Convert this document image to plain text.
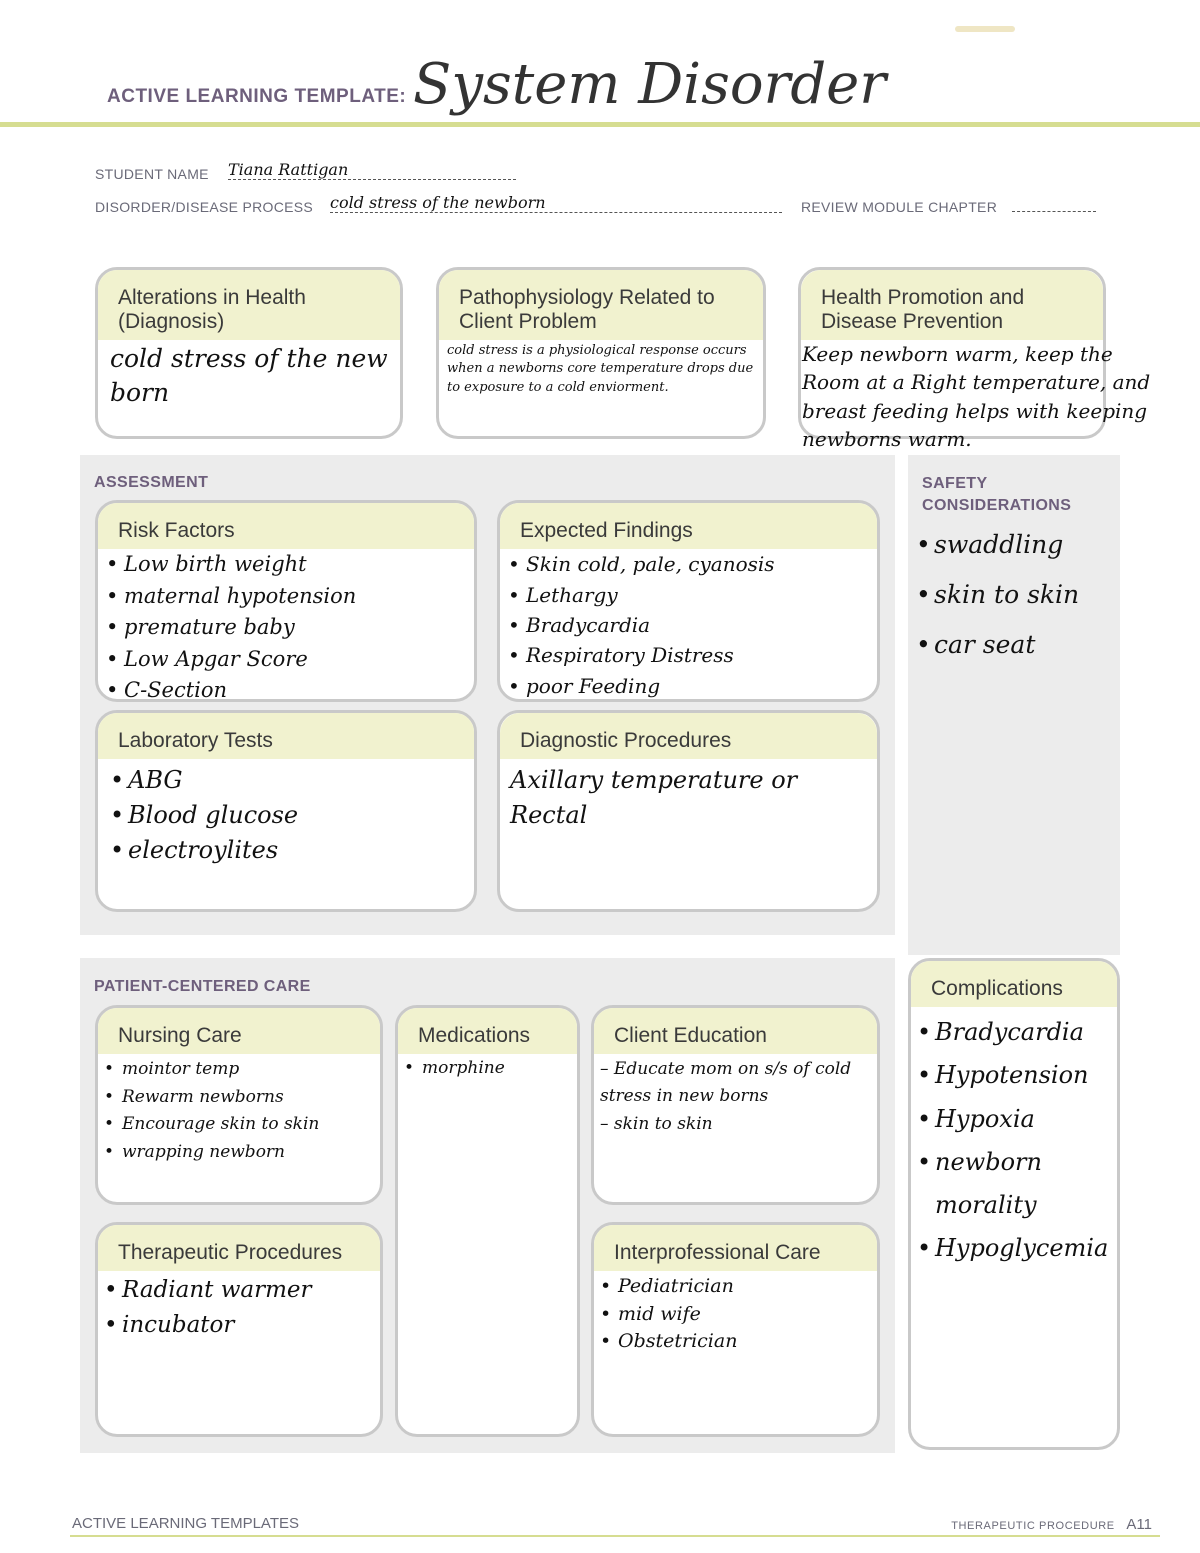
ACTIVE LEARNING TEMPLATE: System Disorder
STUDENT NAME Tiana Rattigan
DISORDER/DISEASE PROCESS cold stress of the newborn	REVIEW MODULE CHAPTER
Alterations in Health (Diagnosis)
cold stress of the new born
Pathophysiology Related to Client Problem
cold stress is a physiological response occurs when a newborns core temperature drops due to exposure to a cold enviorment.
Health Promotion and Disease Prevention
Keep newborn warm, keep the Room at a Right temperature, and breast feeding helps with keeping newborns warm.
ASSESSMENT	SAFETY CONSIDERATIONS
Risk Factors
• Low birth weight
• maternal hypotension
• premature baby
• Low Apgar Score
• C-Section
Expected Findings
• Skin cold, pale, cyanosis
• Lethargy
• Bradycardia
• Respiratory Distress
• poor Feeding
Laboratory Tests
• ABG
• Blood glucose
• electroylites
Diagnostic Procedures
Axillary temperature or Rectal
• swaddling
• skin to skin
• car seat
PATIENT-CENTERED CARE
Nursing Care
• mointor temp
• Rewarm newborns
• Encourage skin to skin
• wrapping newborn
Medications
• morphine
Client Education
– Educate mom on s/s of cold stress in new borns
– skin to skin
Therapeutic Procedures
• Radiant warmer
• incubator
Interprofessional Care
• Pediatrician
• mid wife
• Obstetrician
Complications
• Bradycardia
• Hypotension
• Hypoxia
• newborn morality
• Hypoglycemia
ACTIVE LEARNING TEMPLATES	THERAPEUTIC PROCEDURE A11
